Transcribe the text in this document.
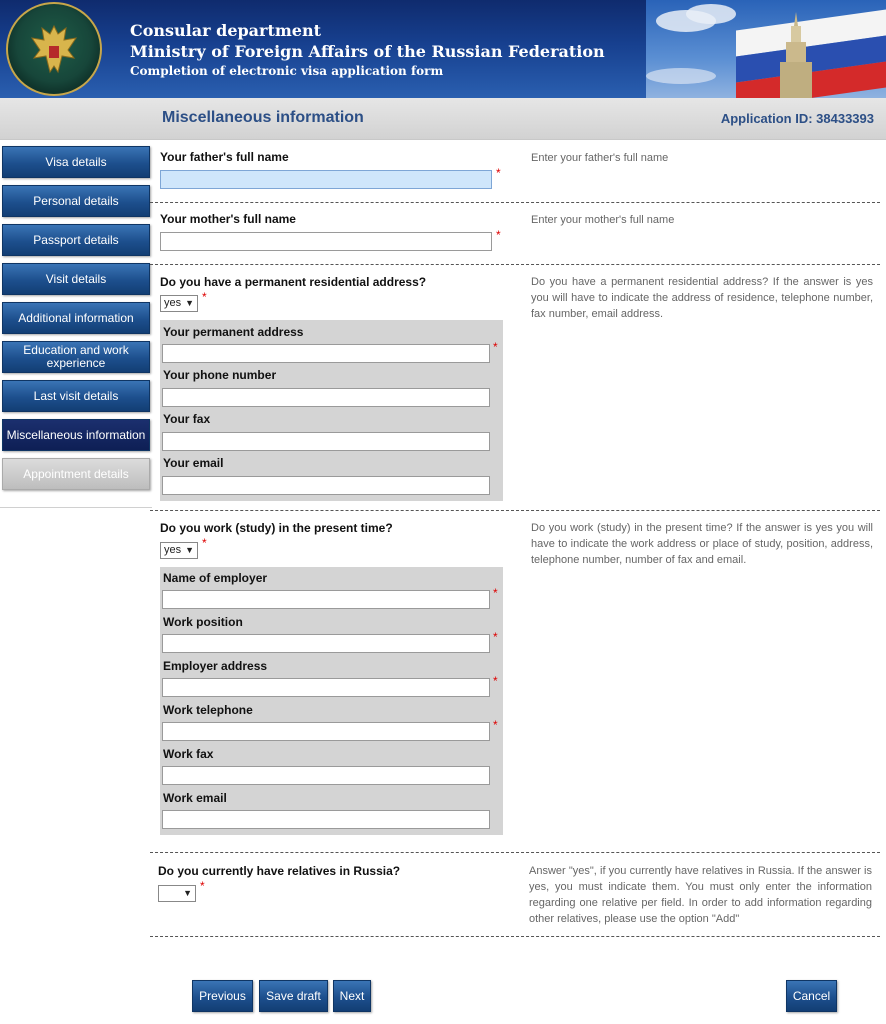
Consular department
Ministry of Foreign Affairs of the Russian Federation
Completion of electronic visa application form
Miscellaneous information	Application ID: 38433393
Visa details
Personal details
Passport details
Visit details
Additional information
Education and work experience
Last visit details
Miscellaneous information
Appointment details
Your father's full name
*
Enter your father's full name
Your mother's full name
*
Enter your mother's full name
Do you have a permanent residential address?
yes ▼ *
Do you have a permanent residential address? If the answer is yes you will have to indicate the address of residence, telephone number, fax number, email address.
Your permanent address
*
Your phone number
Your fax
Your email
Do you work (study) in the present time?
yes ▼ *
Do you work (study) in the present time? If the answer is yes you will have to indicate the work address or place of study, position, address, telephone number, number of fax and email.
Name of employer
*
Work position
*
Employer address
*
Work telephone
*
Work fax
Work email
Do you currently have relatives in Russia?
▼ *
Answer "yes", if you currently have relatives in Russia. If the answer is yes, you must indicate them. You must only enter the information regarding one relative per field. In order to add information regarding other relatives, please use the option "Add"
Previous	Save draft	Next	Cancel
